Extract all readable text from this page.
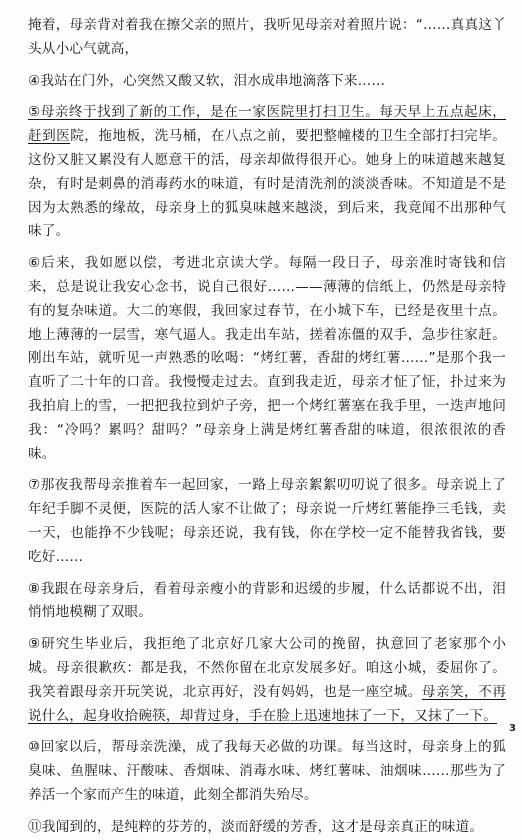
掩着，母亲背对着我在擦父亲的照片，我听见母亲对着照片说：“……真真这丫头从小心气就高，

④我站在门外，心突然又酸又软，泪水成串地滴落下来……

⑤母亲终于找到了新的工作，是在一家医院里打扫卫生。每天早上五点起床，赶到医院，拖地板，洗马桶，在八点之前，要把整幢楼的卫生全部打扫完毕。这份又脏又累没有人愿意干的活，母亲却做得很开心。她身上的味道越来越复杂，有时是刺鼻的消毒药水的味道，有时是清洗剂的淡淡香味。不知道是不是因为太熟悉的缘故，母亲身上的狐臭味越来越淡，到后来，我竟闻不出那种气味了。

⑥后来，我如愿以偿，考进北京读大学。每隔一段日子，母亲准时寄钱和信来，总是说让我安心念书，说自己很好……——薄薄的信纸上，仍然是母亲特有的复杂味道。大二的寒假，我回家过春节，在小城下车，已经是夜里十点。地上薄薄的一层雪，寒气逼人。我走出车站，搓着冻僵的双手，急步往家赶。刚出车站，就听见一声熟悉的吆喝：“烤红薯，香甜的烤红薯……”是那个我一直听了二十年的口音。我慢慢走过去。直到我走近，母亲才怔了怔，扑过来为我拍肩上的雪，一把把我拉到炉子旁，把一个烤红薯塞在我手里，一迭声地问我：“冷吗？累吗？甜吗？”母亲身上满是烤红薯香甜的味道，很浓很浓的香味。

⑦那夜我帮母亲推着车一起回家，一路上母亲絮絮叨叨说了很多。母亲说上了年纪手脚不灵便，医院的活人家不让做了；母亲说一斤烤红薯能挣三毛钱，卖一天，也能挣不少钱呢；母亲还说，我有钱，你在学校一定不能替我省钱，要吃好……

⑧我跟在母亲身后，看着母亲瘦小的背影和迟缓的步履，什么话都说不出，泪悄悄地模糊了双眼。

⑨研究生毕业后，我拒绝了北京好几家大公司的挽留，执意回了老家那个小城。母亲很歉疚：都是我，不然你留在北京发展多好。咱这小城，委屈你了。我笑着跟母亲开玩笑说，北京再好，没有妈妈，也是一座空城。母亲笑，不再说什么，起身收拾碗筷，却背过身，手在脸上迅速地抹了一下，又抹了一下。

⑩回家以后，帮母亲洗澡，成了我每天必做的功课。每当这时，母亲身上的狐臭味、鱼腥味、汗酸味、香烟味、消毒水味、烤红薯味、油烟味……那些为了养活一个家而产生的味道，此刻全都消失殆尽。

⑪我闻到的，是纯粹的芬芳的，淡而舒缓的芳香，这才是母亲真正的味道。

3
